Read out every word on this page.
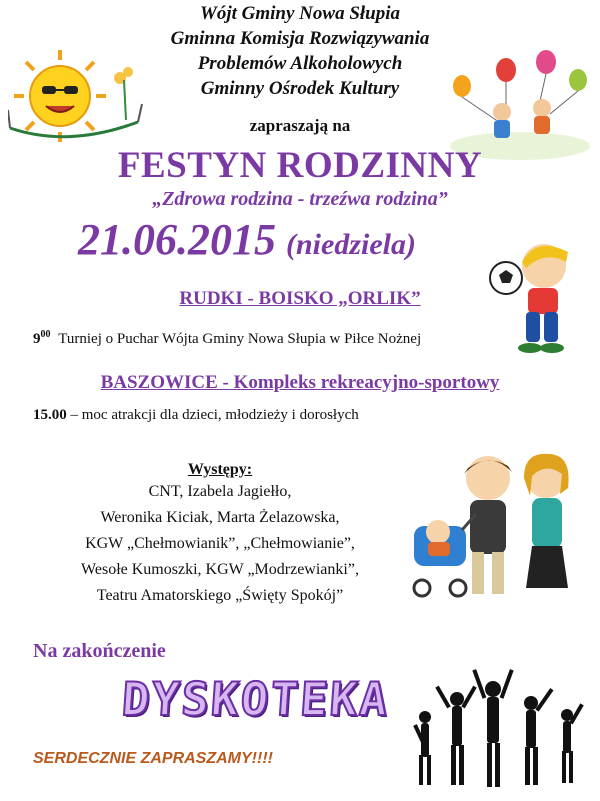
Wójt Gminy Nowa Słupia
Gminna Komisja Rozwiązywania
Problemów Alkoholowych
Gminny Ośrodek Kultury
zapraszają na
FESTYN RODZINNY
„Zdrowa rodzina - trzeźwa rodzina”
21.06.2015 (niedziela)
RUDKI - BOISKO „ORLIK”
$9^{00}$ Turniej o Puchar Wójta Gminy Nowa Słupia w Piłce Nożnej
BASZOWICE - Kompleks rekreacyjno-sportowy
15.00 – moc atrakcji dla dzieci, młodzieży i dorosłych
Występy:
CNT, Izabela Jagiełło,
Weronika Kiciak, Marta Żelazowska,
KGW „Chełmowianik”, „Chełmowianie”,
Wesołe Kumoszki, KGW „Modrzewianki”,
Teatru Amatorskiego „Święty Spokój”
Na zakończenie
DYSKOTEKA
SERDECZNIE ZAPRASZAMY!!!!
